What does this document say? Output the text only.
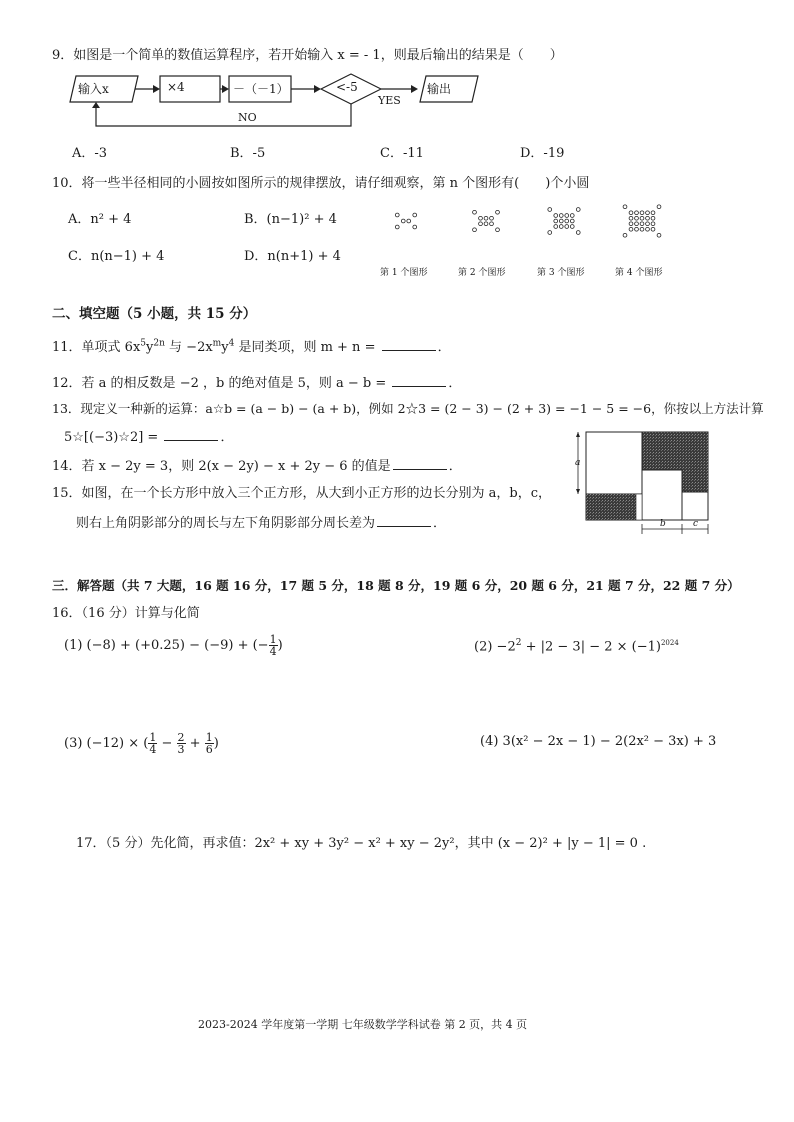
9．如图是一个简单的数值运算程序，若开始输入 x = - 1，则最后输出的结果是（　　）
输入x	×4	－（－1）	<-5	输出
YES
NO
A．-3	B．-5	C．-11	D．-19
10．将一些半径相同的小圆按如图所示的规律摆放，请仔细观察，第 n 个图形有(　　)个小圆
A．n² + 4	B．(n−1)² + 4
C．n(n−1) + 4	D．n(n+1) + 4
第 1 个图形	第 2 个图形	第 3 个图形	第 4 个图形
二、填空题（5 小题，共 15 分）
11．单项式 $6x^5y^{2n}$ 与 $-2x^my^4$ 是同类项，则 m + n =	．
12．若 a 的相反数是 −2 ，b 的绝对值是 5，则 a − b =	．
13．现定义一种新的运算：a☆b = (a − b) − (a + b)，例如 2☆3 = (2 − 3) − (2 + 3) = −1 − 5 = −6，你按以上方法计算
5☆[(−3)☆2] =	．
14．若 x − 2y = 3，则 2(x − 2y) − x + 2y − 6 的值是	．
15．如图，在一个长方形中放入三个正方形，从大到小正方形的边长分别为 a，b，c，
则右上角阴影部分的周长与左下角阴影部分周长差为	．
a
b	c
三．解答题（共 7 大题，16 题 16 分，17 题 5 分，18 题 8 分，19 题 6 分，20 题 6 分，21 题 7 分，22 题 7 分）
16．（16 分）计算与化简
(1) (−8) + (+0.25) − (−9) + (− $\frac{1}{4}$ )	$(2) -2^2 + |2 - 3| - 2 \times (-1)^{2024}$
(3) (−12) × ( $\frac{1}{4} - \frac{2}{3} + \frac{1}{6}$ )	(4) 3(x² − 2x − 1) − 2(2x² − 3x) + 3
17．（5 分）先化简，再求值：2x² + xy + 3y² − x² + xy − 2y²，其中 (x − 2)² + |y − 1| = 0 .
2023-2024 学年度第一学期 七年级数学学科试卷 第 2 页，共 4 页
